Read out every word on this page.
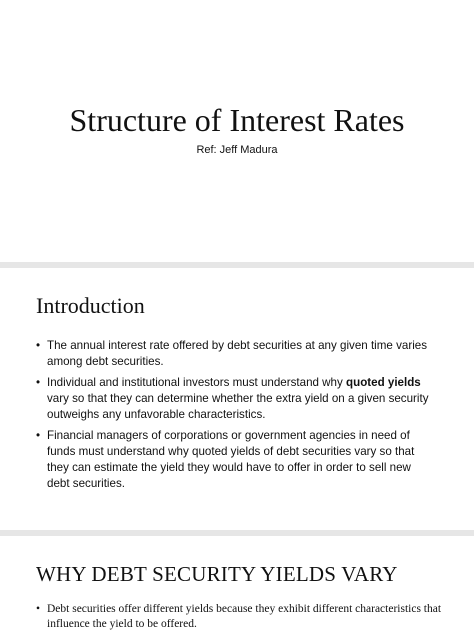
Structure of Interest Rates
Ref: Jeff Madura
Introduction
• The annual interest rate offered by debt securities at any given time varies among debt securities.
• Individual and institutional investors must understand why quoted yields vary so that they can determine whether the extra yield on a given security outweighs any unfavorable characteristics.
• Financial managers of corporations or government agencies in need of funds must understand why quoted yields of debt securities vary so that they can estimate the yield they would have to offer in order to sell new debt securities.
WHY DEBT SECURITY YIELDS VARY
• Debt securities offer different yields because they exhibit different characteristics that influence the yield to be offered.
